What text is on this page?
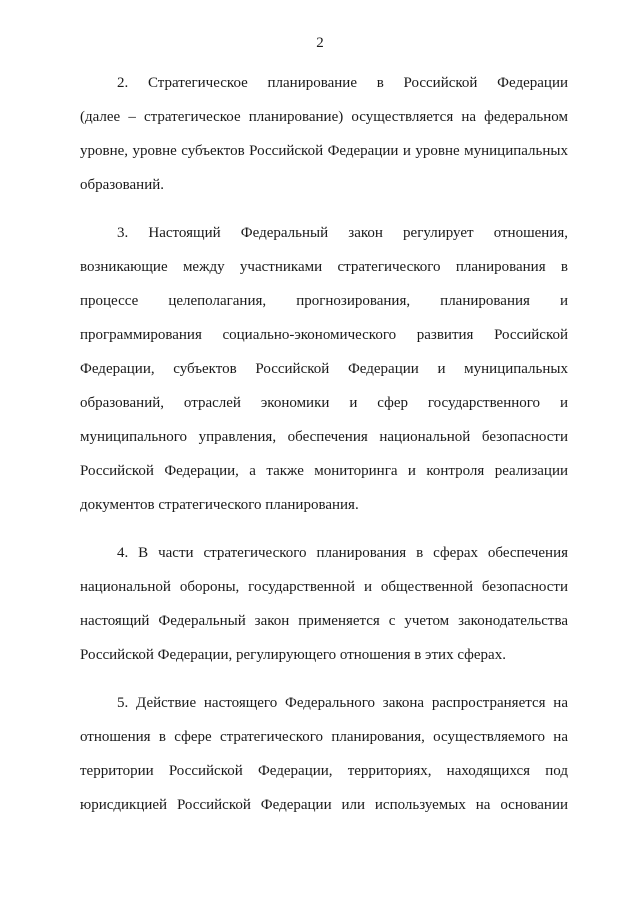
2

2. Стратегическое планирование в Российской Федерации
(далее – стратегическое планирование) осуществляется на федеральном
уровне, уровне субъектов Российской Федерации и уровне муниципальных
образований.

3. Настоящий Федеральный закон регулирует отношения,
возникающие между участниками стратегического планирования в
процессе целеполагания, прогнозирования, планирования и
программирования социально-экономического развития Российской
Федерации, субъектов Российской Федерации и муниципальных
образований, отраслей экономики и сфер государственного и
муниципального управления, обеспечения национальной безопасности
Российской Федерации, а также мониторинга и контроля реализации
документов стратегического планирования.

4. В части стратегического планирования в сферах обеспечения
национальной обороны, государственной и общественной безопасности
настоящий Федеральный закон применяется с учетом законодательства
Российской Федерации, регулирующего отношения в этих сферах.

5. Действие настоящего Федерального закона распространяется на
отношения в сфере стратегического планирования, осуществляемого на
территории Российской Федерации, территориях, находящихся под
юрисдикцией Российской Федерации или используемых на основании
